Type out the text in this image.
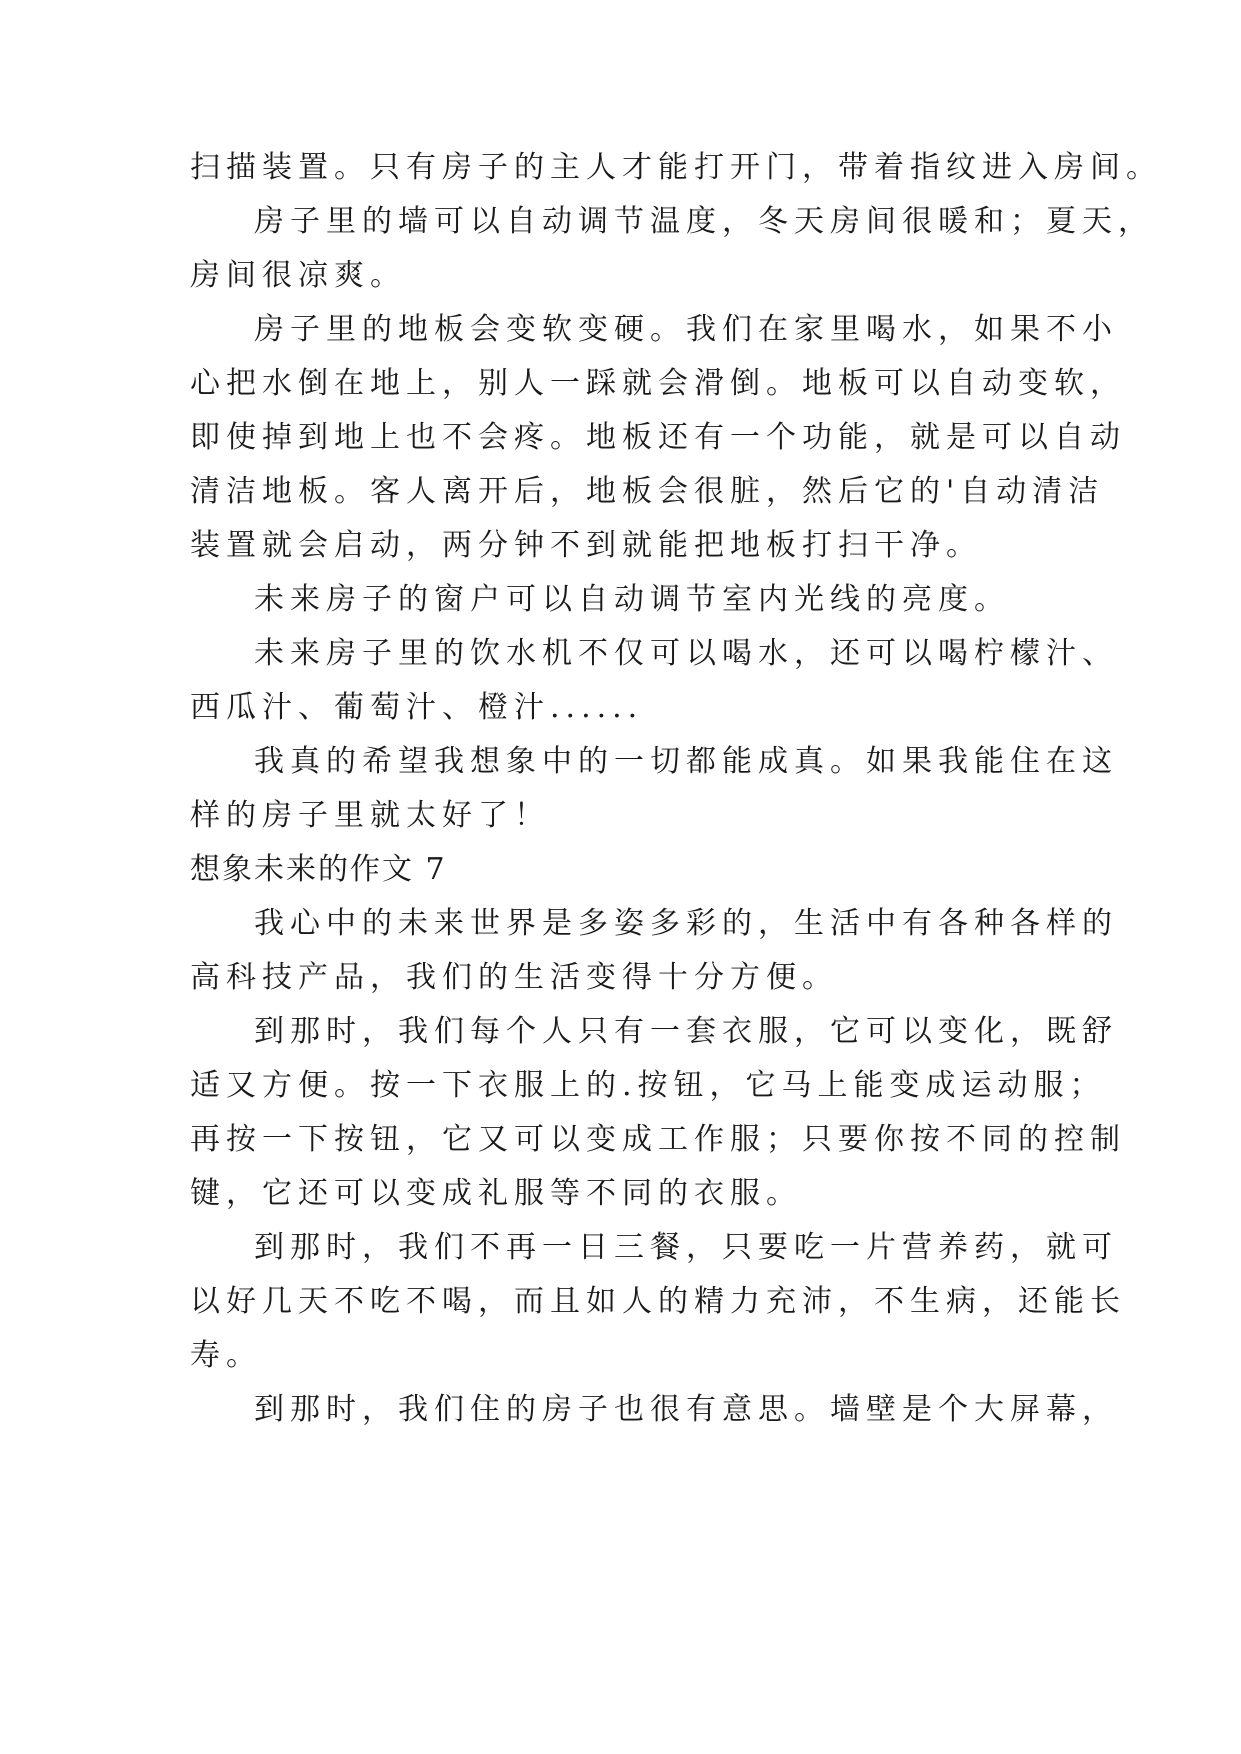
扫描装置。只有房子的主人才能打开门，带着指纹进入房间。
房子里的墙可以自动调节温度，冬天房间很暖和；夏天，
房间很凉爽。
房子里的地板会变软变硬。我们在家里喝水，如果不小
心把水倒在地上，别人一踩就会滑倒。地板可以自动变软，
即使掉到地上也不会疼。地板还有一个功能，就是可以自动
清洁地板。客人离开后，地板会很脏，然后它的'自动清洁
装置就会启动，两分钟不到就能把地板打扫干净。
未来房子的窗户可以自动调节室内光线的亮度。
未来房子里的饮水机不仅可以喝水，还可以喝柠檬汁、
西瓜汁、葡萄汁、橙汁......
我真的希望我想象中的一切都能成真。如果我能住在这
样的房子里就太好了！
想象未来的作文 7
我心中的未来世界是多姿多彩的，生活中有各种各样的
高科技产品，我们的生活变得十分方便。
到那时，我们每个人只有一套衣服，它可以变化，既舒
适又方便。按一下衣服上的.按钮，它马上能变成运动服；
再按一下按钮，它又可以变成工作服；只要你按不同的控制
键，它还可以变成礼服等不同的衣服。
到那时，我们不再一日三餐，只要吃一片营养药，就可
以好几天不吃不喝，而且如人的精力充沛，不生病，还能长
寿。
到那时，我们住的房子也很有意思。墙壁是个大屏幕，
